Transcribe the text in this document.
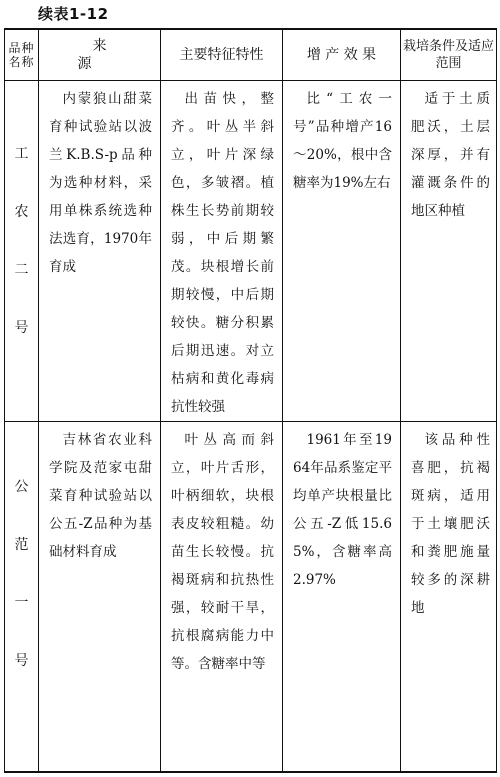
续表1-12
品种名称	来 源	主要特征特性	增 产 效 果	栽培条件及适应范围

工
农
二
号	内蒙狼山甜菜育种试验站以波兰K.B.S-p品种为选种材料，采用单株系统选种法选育，1970年育成	出苗快，整齐。叶丛半斜立，叶片深绿色，多皱褶。植株生长势前期较弱，中后期繁茂。块根增长前期较慢，中后期较快。糖分积累后期迅速。对立枯病和黄化毒病抗性较强	比“工农一号”品种增产16～20%，根中含糖率为19%左右	适于土质肥沃，土层深厚，并有灌溉条件的地区种植

公
范
一
号	吉林省农业科学院及范家屯甜菜育种试验站以公五-Z品种为基础材料育成	叶丛高而斜立，叶片舌形，叶柄细软，块根表皮较粗糙。幼苗生长较慢。抗褐斑病和抗热性强，较耐干旱，抗根腐病能力中等。含糖率中等	1961年至1964年品系鉴定平均单产块根量比公五-Z低15.65%，含糖率高2.97%	该品种性喜肥，抗褐斑病，适用于土壤肥沃和粪肥施量较多的深耕地
